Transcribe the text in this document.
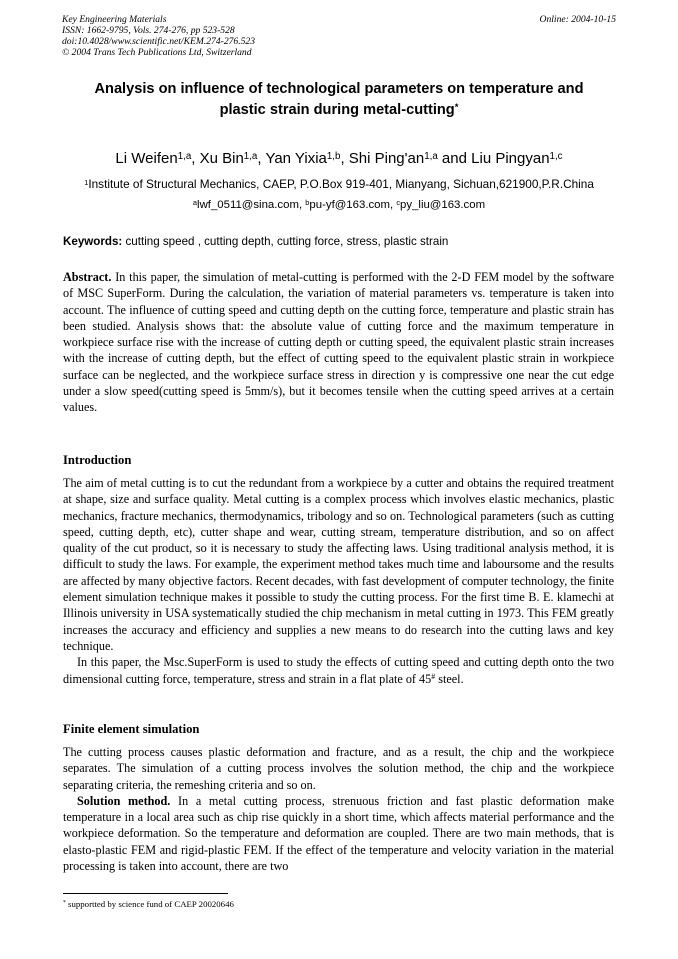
Key Engineering Materials
ISSN: 1662-9795, Vols. 274-276, pp 523-528
doi:10.4028/www.scientific.net/KEM.274-276.523
© 2004 Trans Tech Publications Ltd, Switzerland
Online: 2004-10-15
Analysis on influence of technological parameters on temperature and
plastic strain during metal-cutting*
Li Weifen$^{1,a}$, Xu Bin$^{1,a}$, Yan Yixia$^{1,b}$, Shi Ping'an$^{1,a}$ and Liu Pingyan$^{1,c}$
$^1$Institute of Structural Mechanics, CAEP, P.O.Box 919-401, Mianyang, Sichuan,621900,P.R.China
$^a$lwf_0511@sina.com, $^b$pu-yf@163.com, $^c$py_liu@163.com
Keywords: cutting speed , cutting depth, cutting force, stress, plastic strain

Abstract. In this paper, the simulation of metal-cutting is performed with the 2-D FEM model by the software of MSC SuperForm. During the calculation, the variation of material parameters vs. temperature is taken into account. The influence of cutting speed and cutting depth on the cutting force, temperature and plastic strain has been studied. Analysis shows that: the absolute value of cutting force and the maximum temperature in workpiece surface rise with the increase of cutting depth or cutting speed, the equivalent plastic strain increases with the increase of cutting depth, but the effect of cutting speed to the equivalent plastic strain in workpiece surface can be neglected, and the workpiece surface stress in direction y is compressive one near the cut edge under a slow speed(cutting speed is 5mm/s), but it becomes tensile when the cutting speed arrives at a certain values.

Introduction

The aim of metal cutting is to cut the redundant from a workpiece by a cutter and obtains the required treatment at shape, size and surface quality. Metal cutting is a complex process which involves elastic mechanics, plastic mechanics, fracture mechanics, thermodynamics, tribology and so on. Technological parameters (such as cutting speed, cutting depth, etc), cutter shape and wear, cutting stream, temperature distribution, and so on affect quality of the cut product, so it is necessary to study the affecting laws. Using traditional analysis method, it is difficult to study the laws. For example, the experiment method takes much time and laboursome and the results are affected by many objective factors. Recent decades, with fast development of computer technology, the finite element simulation technique makes it possible to study the cutting process. For the first time B. E. klamechi at Illinois university in USA systematically studied the chip mechanism in metal cutting in 1973. This FEM greatly increases the accuracy and efficiency and supplies a new means to do research into the cutting laws and key technique.

In this paper, the Msc.SuperForm is used to study the effects of cutting speed and cutting depth onto the two dimensional cutting force, temperature, stress and strain in a flat plate of 45# steel.

Finite element simulation

The cutting process causes plastic deformation and fracture, and as a result, the chip and the workpiece separates. The simulation of a cutting process involves the solution method, the chip and the workpiece separating criteria, the remeshing criteria and so on.

Solution method. In a metal cutting process, strenuous friction and fast plastic deformation make temperature in a local area such as chip rise quickly in a short time, which affects material performance and the workpiece deformation. So the temperature and deformation are coupled. There are two main methods, that is elasto-plastic FEM and rigid-plastic FEM. If the effect of the temperature and velocity variation in the material processing is taken into account, there are two

* supportted by science fund of CAEP 20020646
